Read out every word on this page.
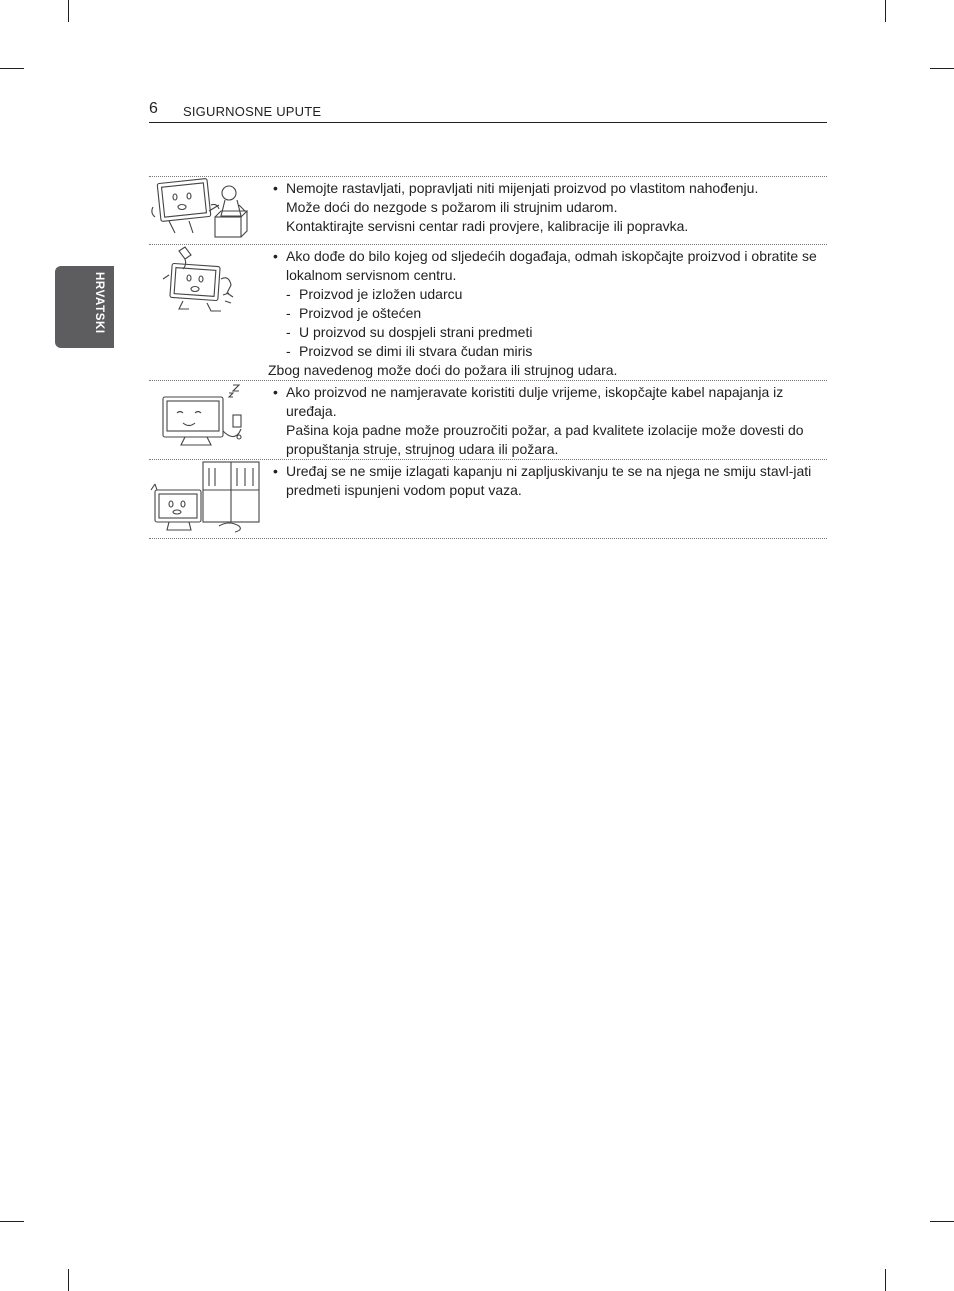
6 SIGURNOSNE UPUTE
HRVATSKI
• Nemojte rastavljati, popravljati niti mijenjati proizvod po vlastitom nahođenju.
Može doći do nezgode s požarom ili strujnim udarom.
Kontaktirajte servisni centar radi provjere, kalibracije ili popravka.
• Ako dođe do bilo kojeg od sljedećih događaja, odmah iskopčajte proizvod i obratite se lokalnom servisnom centru.
- Proizvod je izložen udarcu
- Proizvod je oštećen
- U proizvod su dospjeli strani predmeti
- Proizvod se dimi ili stvara čudan miris
Zbog navedenog može doći do požara ili strujnog udara.
• Ako proizvod ne namjeravate koristiti dulje vrijeme, iskopčajte kabel napajanja iz uređaja.
Pašina koja padne može prouzročiti požar, a pad kvalitete izolacije može dovesti do propuštanja struje, strujnog udara ili požara.
• Uređaj se ne smije izlagati kapanju ni zapljuskivanju te se na njega ne smiju stavl-jati predmeti ispunjeni vodom poput vaza.
